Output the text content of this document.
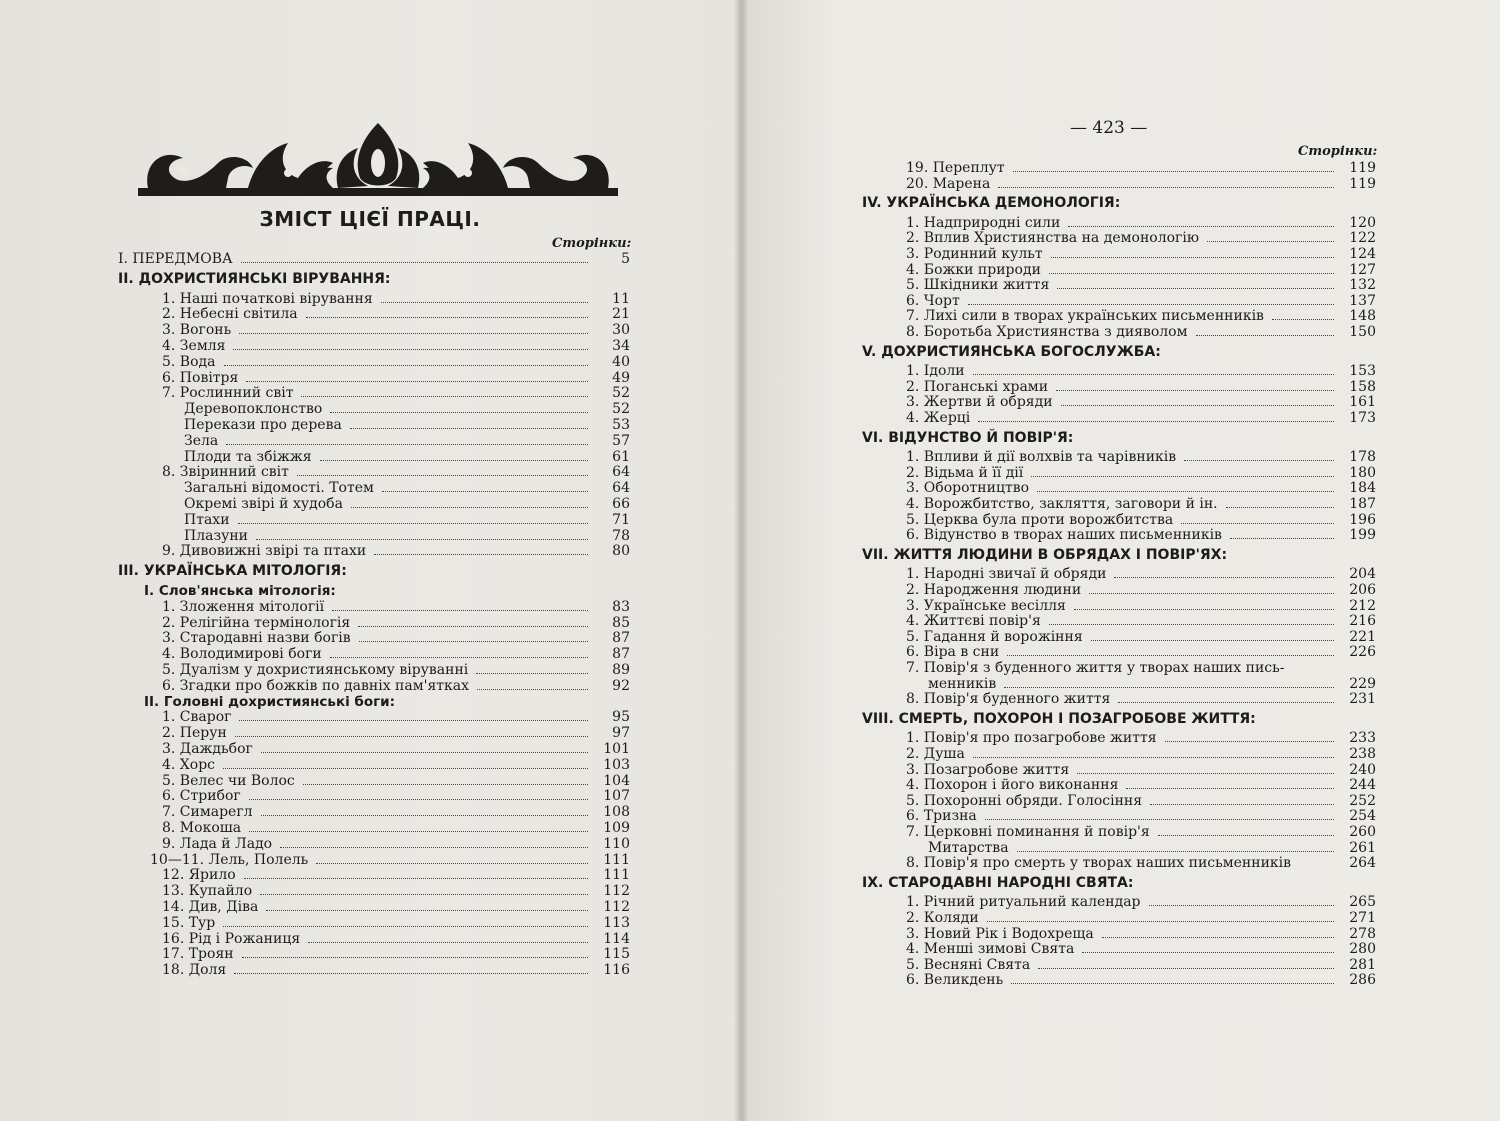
ЗМІСТ ЦІЄЇ ПРАЦІ.
Сторінки:
I. ПЕРЕДМОВА	5
II. ДОХРИСТИЯНСЬКІ ВІРУВАННЯ:
1. Наші початкові вірування	11
2. Небесні світила	21
3. Вогонь	30
4. Земля	34
5. Вода	40
6. Повітря	49
7. Рослинний світ	52
Деревопоклонство	52
Перекази про дерева	53
Зела	57
Плоди та збіжжя	61
8. Звіринний світ	64
Загальні відомості. Тотем	64
Окремі звірі й худоба	66
Птахи	71
Плазуни	78
9. Дивовижні звірі та птахи	80
III. УКРАЇНСЬКА МІТОЛОГІЯ:
I. Слов'янська мітологія:
1. Зложення мітології	83
2. Релігійна термінологія	85
3. Стародавні назви богів	87
4. Володимирові боги	87
5. Дуалізм у дохристиянському віруванні	89
6. Згадки про божків по давніх пам'ятках	92
II. Головні дохристиянські боги:
1. Сварог	95
2. Перун	97
3. Даждьбог	101
4. Хорс	103
5. Велес чи Волос	104
6. Стрибог	107
7. Симарегл	108
8. Мокоша	109
9. Лада й Ладо	110
10—11. Лель, Полель	111
12. Ярило	111
13. Купайло	112
14. Див, Діва	112
15. Тур	113
16. Рід і Рожаниця	114
17. Троян	115
18. Доля	116
— 423 —
Сторінки:
19. Переплут	119
20. Марена	119
IV. УКРАЇНСЬКА ДЕМОНОЛОГІЯ:
1. Надприродні сили	120
2. Вплив Християнства на демонологію	122
3. Родинний культ	124
4. Божки природи	127
5. Шкідники життя	132
6. Чорт	137
7. Лихі сили в творах українських письменників	148
8. Боротьба Християнства з дияволом	150
V. ДОХРИСТИЯНСЬКА БОГОСЛУЖБА:
1. Ідоли	153
2. Поганські храми	158
3. Жертви й обряди	161
4. Жерці	173
VI. ВІДУНСТВО Й ПОВІР'Я:
1. Впливи й дії волхвів та чарівників	178
2. Відьма й її дії	180
3. Оборотництво	184
4. Ворожбитство, закляття, заговори й ін.	187
5. Церква була проти ворожбитства	196
6. Відунство в творах наших письменників	199
VII. ЖИТТЯ ЛЮДИНИ В ОБРЯДАХ І ПОВІР'ЯХ:
1. Народні звичаї й обряди	204
2. Народження людини	206
3. Українське весілля	212
4. Життєві повір'я	216
5. Гадання й ворожіння	221
6. Віра в сни	226
7. Повір'я з буденного життя у творах наших пись-
менників	229
8. Повір'я буденного життя	231
VIII. СМЕРТЬ, ПОХОРОН І ПОЗАГРОБОВЕ ЖИТТЯ:
1. Повір'я про позагробове життя	233
2. Душа	238
3. Позагробове життя	240
4. Похорон і його виконання	244
5. Похоронні обряди. Голосіння	252
6. Тризна	254
7. Церковні поминання й повір'я	260
Митарства	261
8. Повір'я про смерть у творах наших письменників	264
IX. СТАРОДАВНІ НАРОДНІ СВЯТА:
1. Річний ритуальний календар	265
2. Коляди	271
3. Новий Рік і Водохреща	278
4. Менші зимові Свята	280
5. Весняні Свята	281
6. Великдень	286
